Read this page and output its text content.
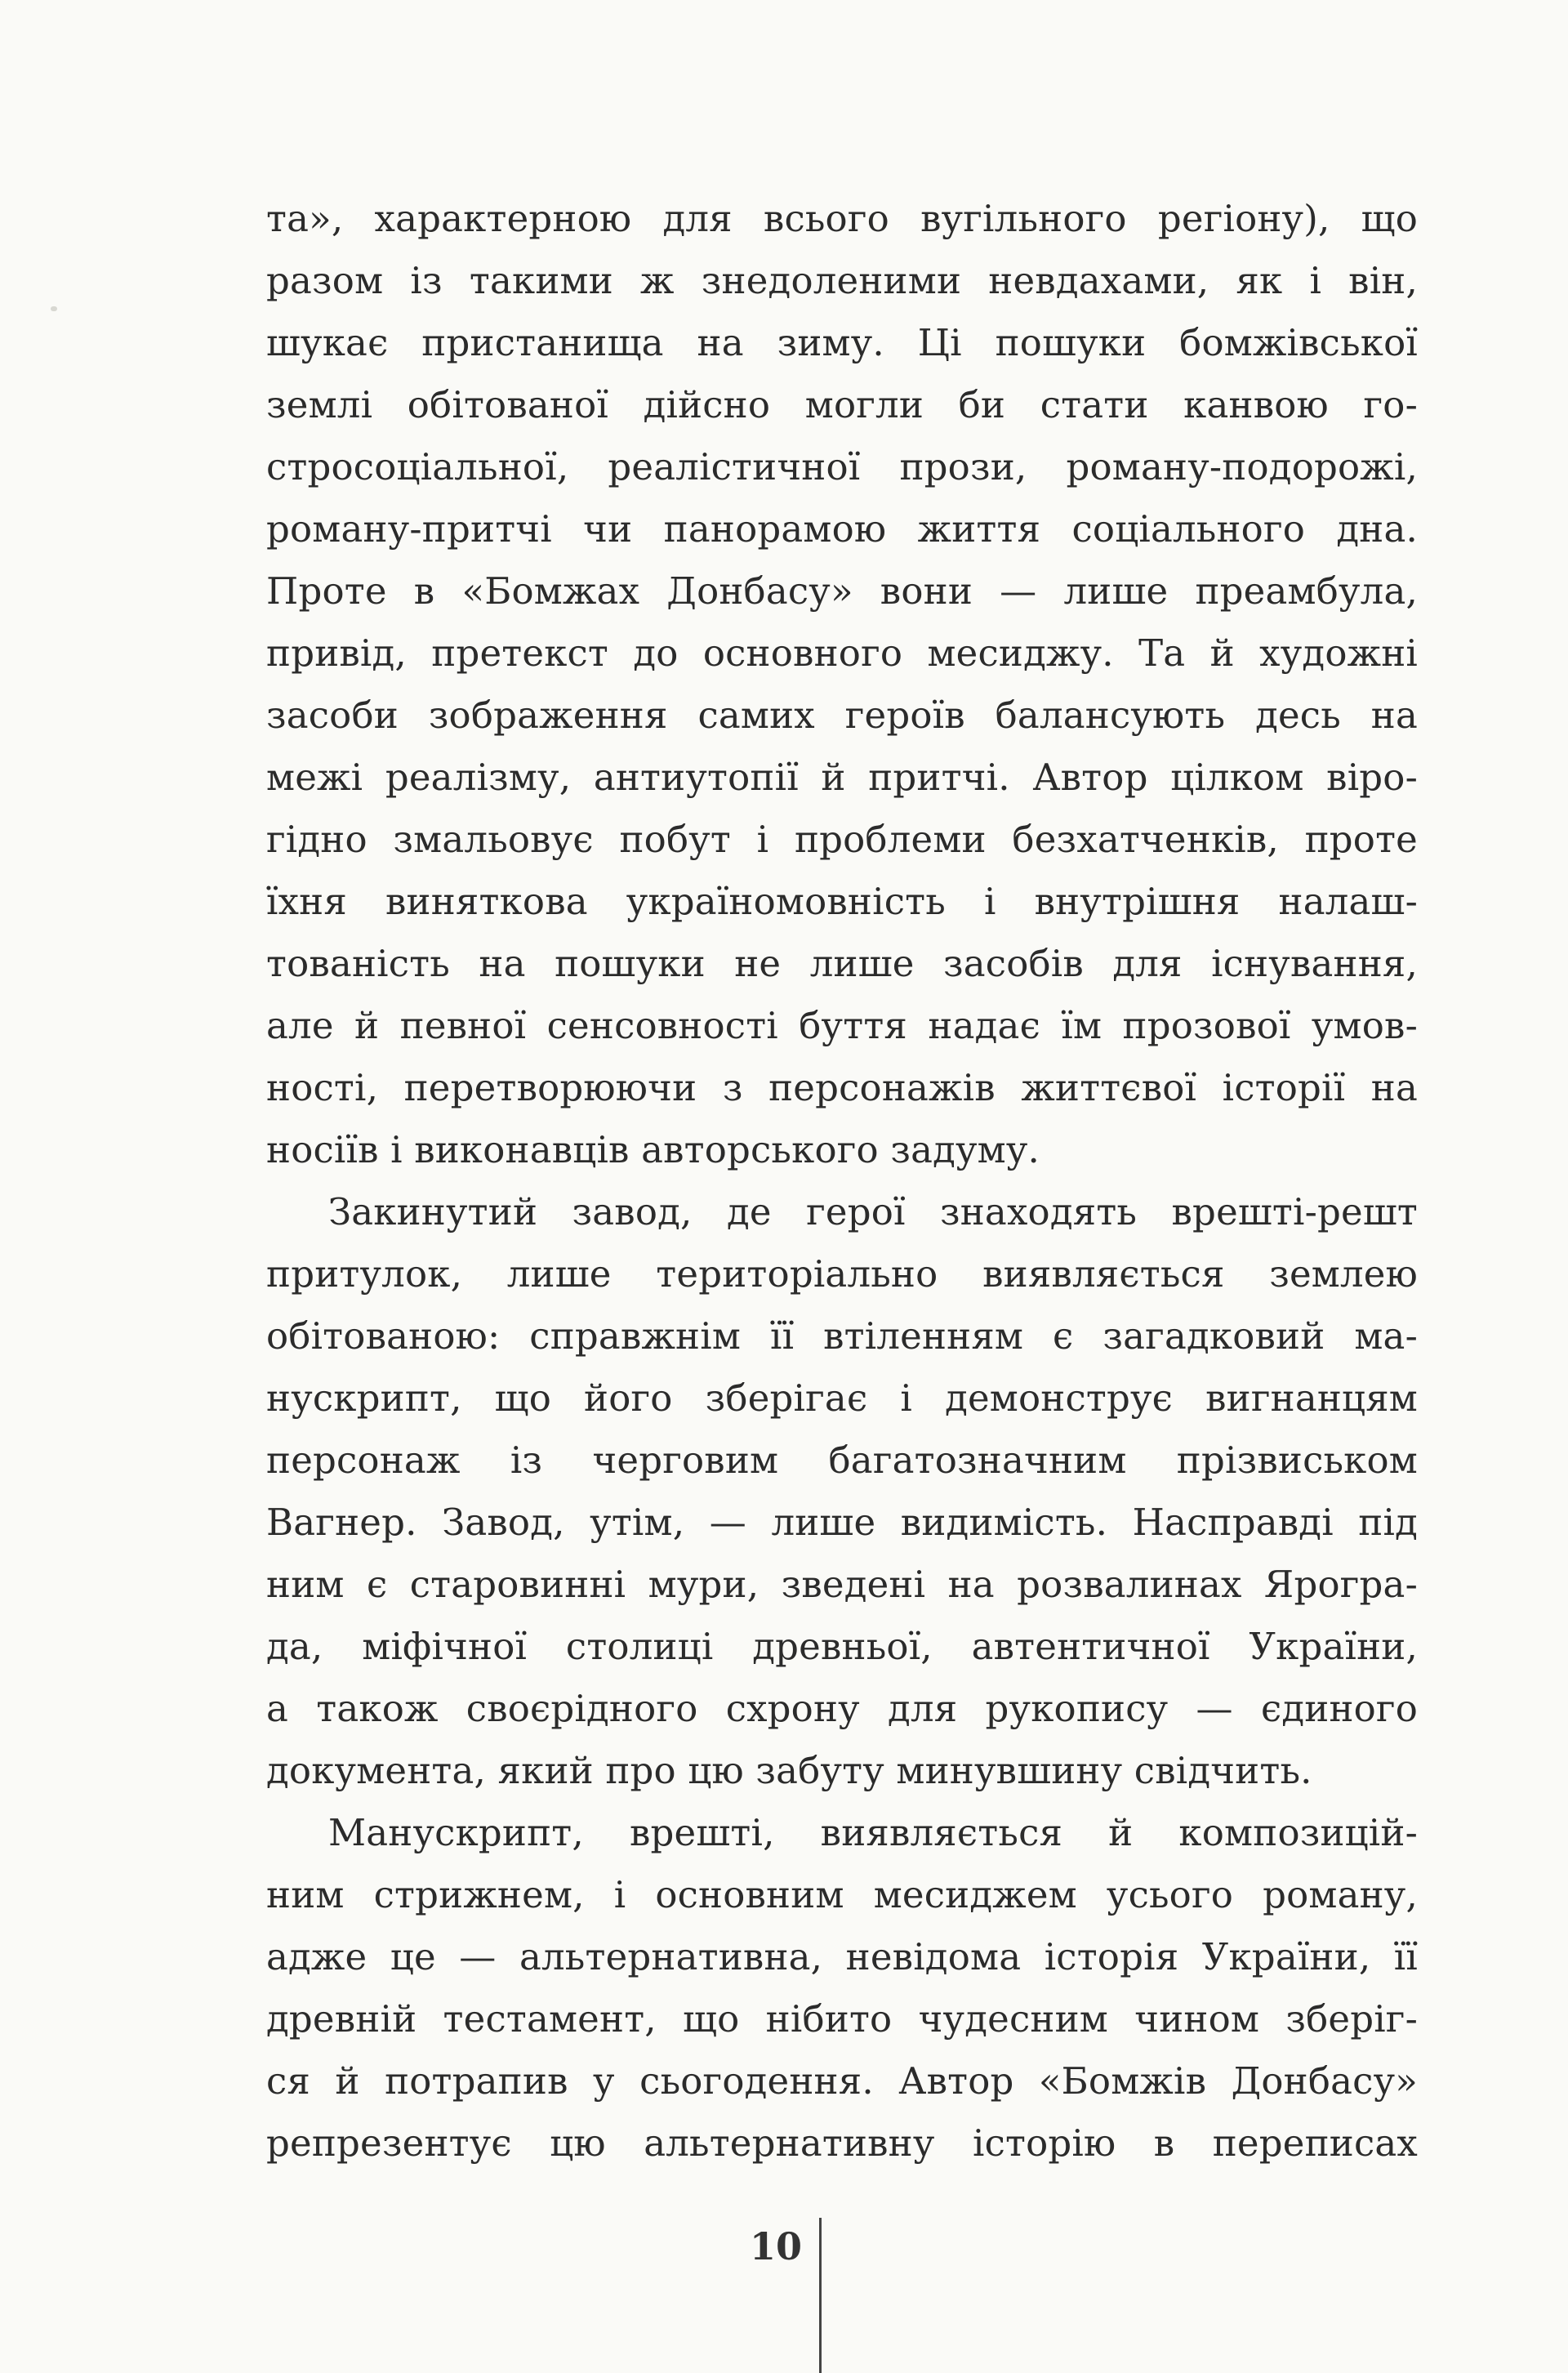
та», характерною для всього вугільного регіону), що
разом із такими ж знедоленими невдахами, як і він,
шукає пристанища на зиму. Ці пошуки бомжівської
землі обітованої дійсно могли би стати канвою го-
стросоціальної, реалістичної прози, роману-подорожі,
роману-притчі чи панорамою життя соціального дна.
Проте в «Бомжах Донбасу» вони — лише преамбула,
привід, претекст до основного месиджу. Та й художні
засоби зображення самих героїв балансують десь на
межі реалізму, антиутопії й притчі. Автор цілком віро-
гідно змальовує побут і проблеми безхатченків, проте
їхня виняткова україномовність і внутрішня налаш-
тованість на пошуки не лише засобів для існування,
але й певної сенсовності буття надає їм прозової умов-
ності, перетворюючи з персонажів життєвої історії на
носіїв і виконавців авторського задуму.
Закинутий завод, де герої знаходять врешті-решт
притулок, лише територіально виявляється землею
обітованою: справжнім її втіленням є загадковий ма-
нускрипт, що його зберігає і демонструє вигнанцям
персонаж із черговим багатозначним прізвиськом
Вагнер. Завод, утім, — лише видимість. Насправді під
ним є старовинні мури, зведені на розвалинах Ярогра-
да, міфічної столиці древньої, автентичної України,
а також своєрідного схрону для рукопису — єдиного
документа, який про цю забуту минувшину свідчить.
Манускрипт, врешті, виявляється й композицій-
ним стрижнем, і основним месиджем усього роману,
адже це — альтернативна, невідома історія України, її
древній тестамент, що нібито чудесним чином зберіг-
ся й потрапив у сьогодення. Автор «Бомжів Донбасу»
репрезентує цю альтернативну історію в переписах
10
